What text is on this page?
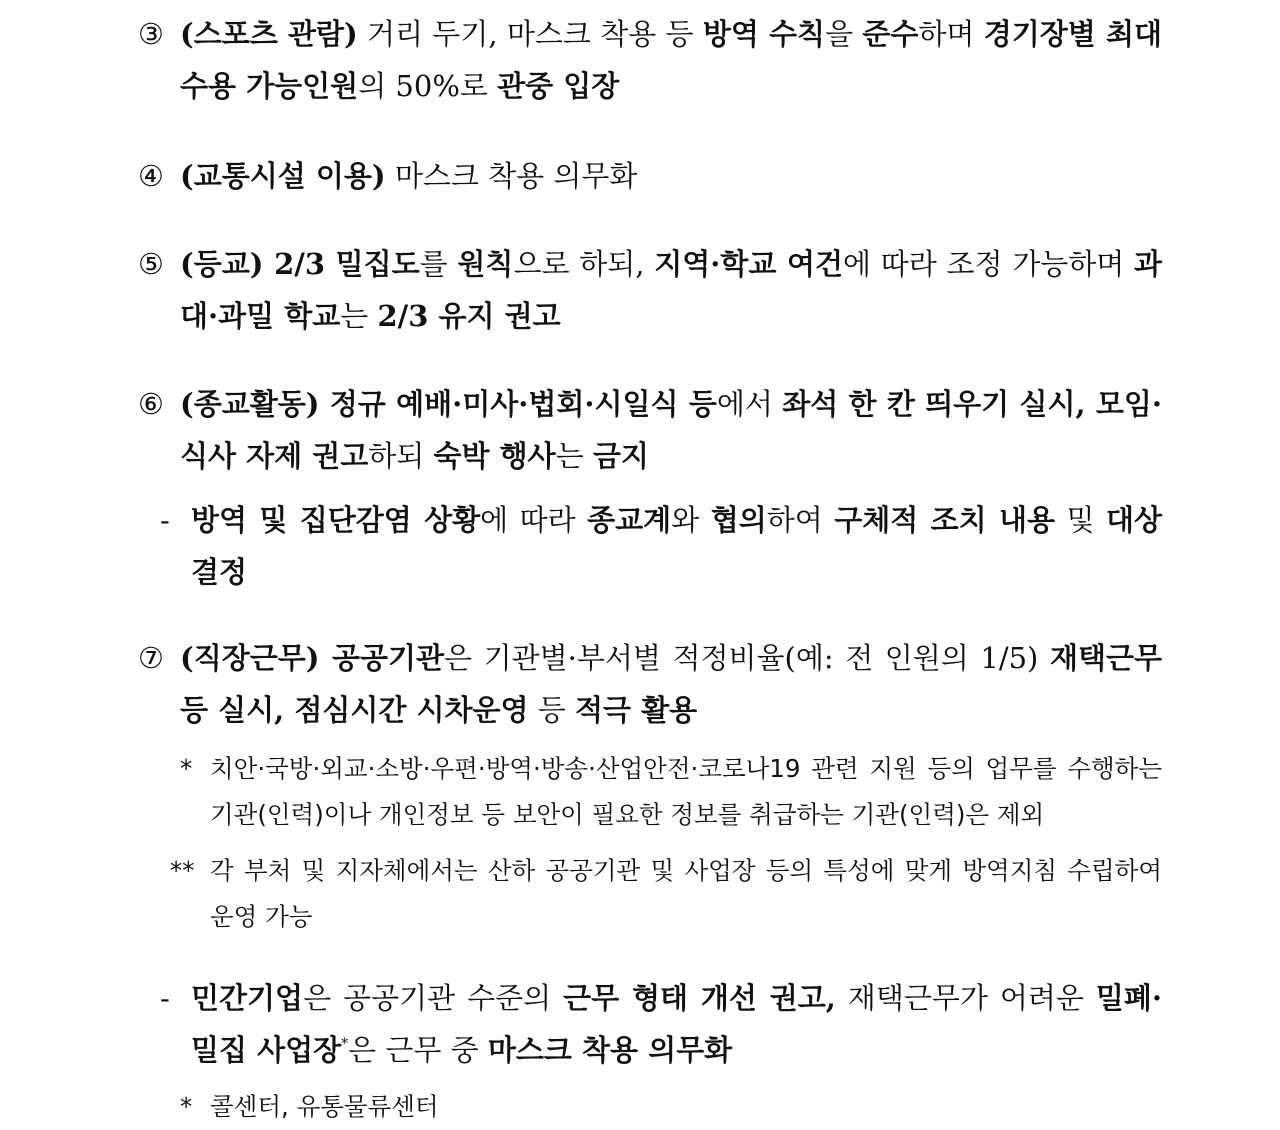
③ (스포츠 관람) 거리 두기, 마스크 착용 등 방역 수칙을 준수하며 경기장별 최대 수용 가능인원의 50%로 관중 입장
④ (교통시설 이용) 마스크 착용 의무화
⑤ (등교) 2/3 밀집도를 원칙으로 하되, 지역·학교 여건에 따라 조정 가능하며 과대·과밀 학교는 2/3 유지 권고
⑥ (종교활동) 정규 예배·미사·법회·시일식 등에서 좌석 한 칸 띄우기 실시, 모임·식사 자제 권고하되 숙박 행사는 금지
- 방역 및 집단감염 상황에 따라 종교계와 협의하여 구체적 조치 내용 및 대상 결정
⑦ (직장근무) 공공기관은 기관별·부서별 적정비율(예: 전 인원의 1/5) 재택근무 등 실시, 점심시간 시차운영 등 적극 활용
* 치안·국방·외교·소방·우편·방역·방송·산업안전·코로나19 관련 지원 등의 업무를 수행하는 기관(인력)이나 개인정보 등 보안이 필요한 정보를 취급하는 기관(인력)은 제외
** 각 부처 및 지자체에서는 산하 공공기관 및 사업장 등의 특성에 맞게 방역지침 수립하여 운영 가능
- 민간기업은 공공기관 수준의 근무 형태 개선 권고, 재택근무가 어려운 밀폐·밀집 사업장*은 근무 중 마스크 착용 의무화
* 콜센터, 유통물류센터
